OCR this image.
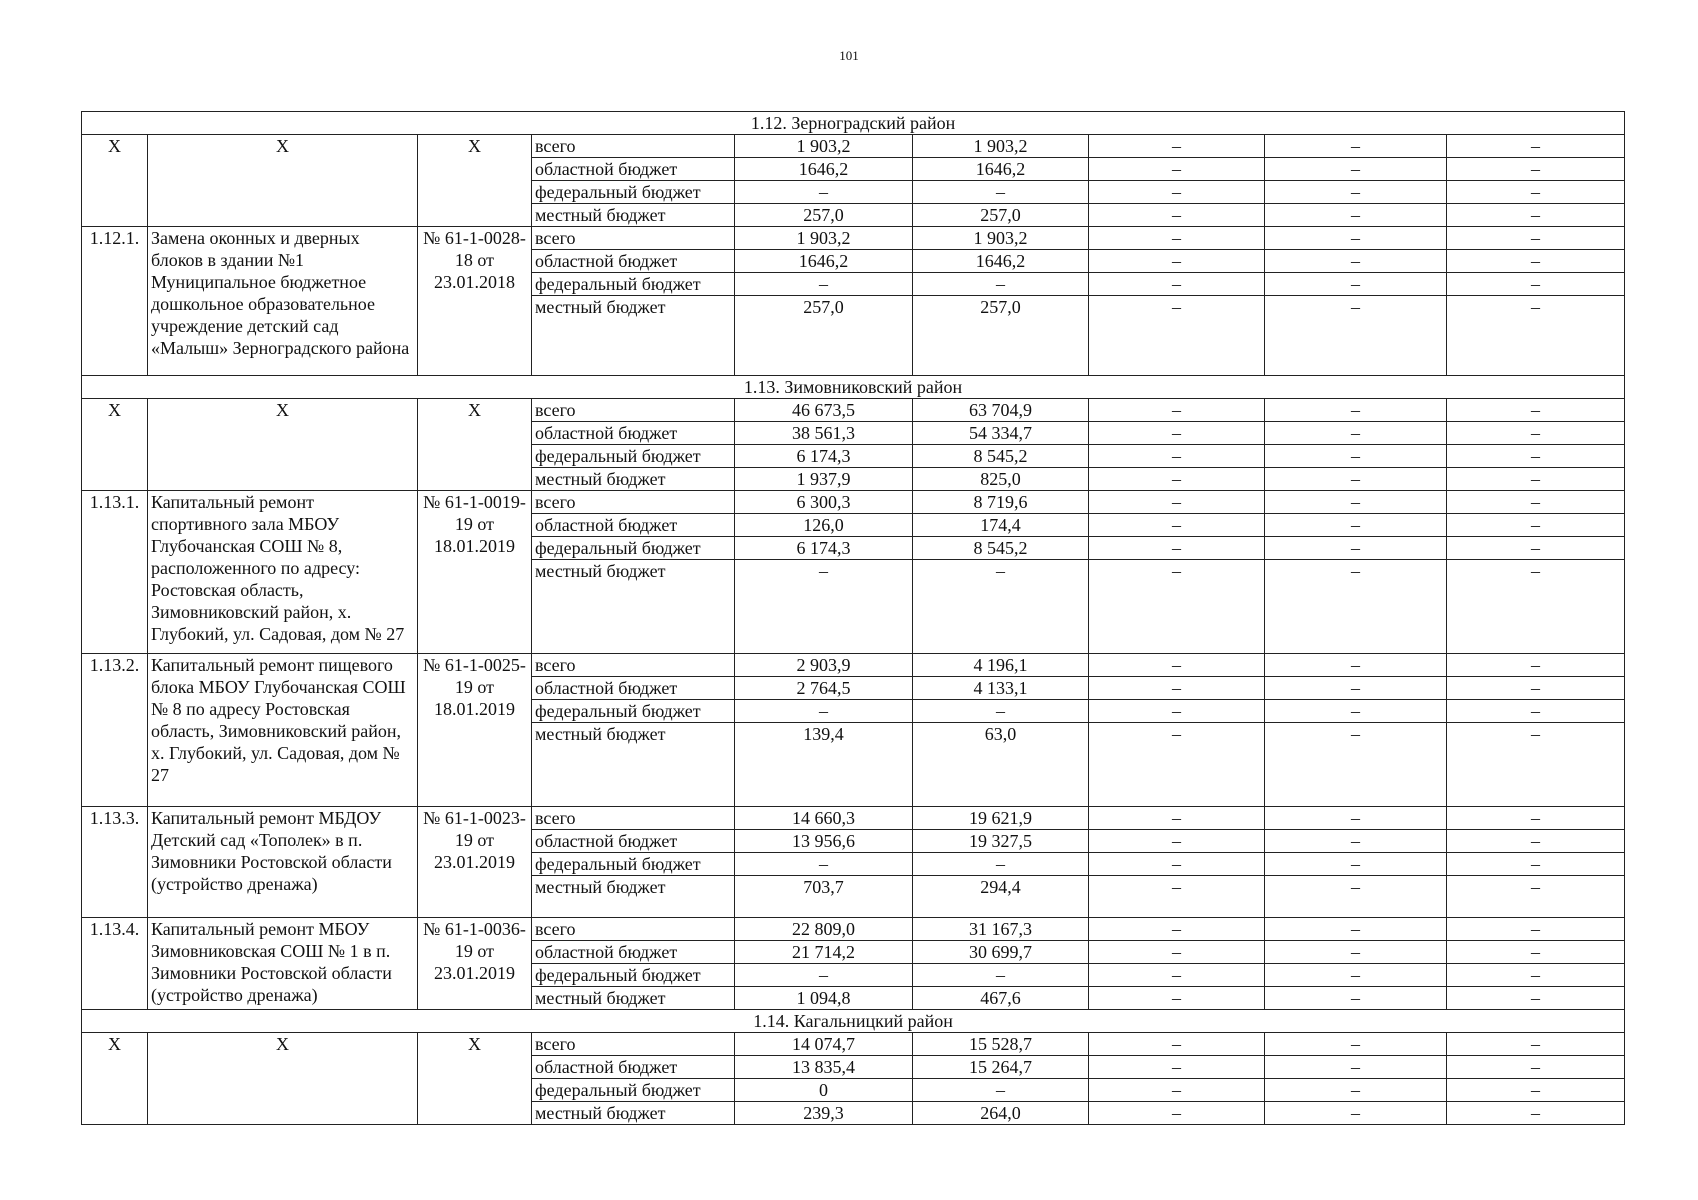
101
1.12. Зерноградский район								
Х	Х	Х	всего	1 903,2	1 903,2	–	–	–
			областной бюджет	1646,2	1646,2	–	–	–
			федеральный бюджет	–	–	–	–	–
			местный бюджет	257,0	257,0	–	–	–
1.12.1.	Замена оконных и дверных блоков в здании №1 Муниципальное бюджетное дошкольное образовательное учреждение детский сад «Малыш» Зерноградского района	№ 61-1-0028-18 от 23.01.2018	всего	1 903,2	1 903,2	–	–	–
			областной бюджет	1646,2	1646,2	–	–	–
			федеральный бюджет	–	–	–	–	–
			местный бюджет	257,0	257,0	–	–	–
1.13. Зимовниковский район								
Х	Х	Х	всего	46 673,5	63 704,9	–	–	–
			областной бюджет	38 561,3	54 334,7	–	–	–
			федеральный бюджет	6 174,3	8 545,2	–	–	–
			местный бюджет	1 937,9	825,0	–	–	–
1.13.1.	Капитальный ремонт спортивного зала МБОУ Глубочанская СОШ № 8, расположенного по адресу: Ростовская область, Зимовниковский район, х. Глубокий, ул. Садовая, дом № 27	№ 61-1-0019-19 от 18.01.2019	всего	6 300,3	8 719,6	–	–	–
			областной бюджет	126,0	174,4	–	–	–
			федеральный бюджет	6 174,3	8 545,2	–	–	–
			местный бюджет	–	–	–	–	–
1.13.2.	Капитальный ремонт пищевого блока МБОУ Глубочанская СОШ № 8 по адресу Ростовская область, Зимовниковский район, х. Глубокий, ул. Садовая, дом № 27	№ 61-1-0025-19 от 18.01.2019	всего	2 903,9	4 196,1	–	–	–
			областной бюджет	2 764,5	4 133,1	–	–	–
			федеральный бюджет	–	–	–	–	–
			местный бюджет	139,4	63,0	–	–	–
1.13.3.	Капитальный ремонт МБДОУ Детский сад «Тополек» в п. Зимовники Ростовской области (устройство дренажа)	№ 61-1-0023-19 от 23.01.2019	всего	14 660,3	19 621,9	–	–	–
			областной бюджет	13 956,6	19 327,5	–	–	–
			федеральный бюджет	–	–	–	–	–
			местный бюджет	703,7	294,4	–	–	–
1.13.4.	Капитальный ремонт МБОУ Зимовниковская СОШ № 1 в п. Зимовники Ростовской области (устройство дренажа)	№ 61-1-0036-19 от 23.01.2019	всего	22 809,0	31 167,3	–	–	–
			областной бюджет	21 714,2	30 699,7	–	–	–
			федеральный бюджет	–	–	–	–	–
			местный бюджет	1 094,8	467,6	–	–	–
1.14. Кагальницкий район								
Х	Х	Х	всего	14 074,7	15 528,7	–	–	–
			областной бюджет	13 835,4	15 264,7	–	–	–
			федеральный бюджет	0	–	–	–	–
			местный бюджет	239,3	264,0	–	–	–
